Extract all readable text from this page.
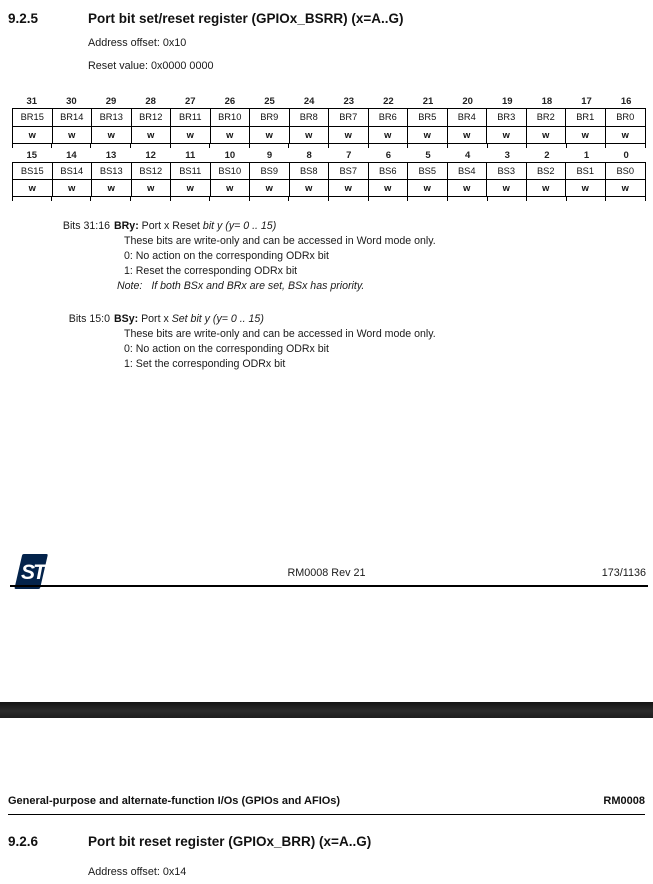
9.2.5	Port bit set/reset register (GPIOx_BSRR) (x=A..G)
Address offset: 0x10
Reset value: 0x0000 0000
31	30	29	28	27	26	25	24	23	22	21	20	19	18	17	16
BR15	BR14	BR13	BR12	BR11	BR10	BR9	BR8	BR7	BR6	BR5	BR4	BR3	BR2	BR1	BR0
w	w	w	w	w	w	w	w	w	w	w	w	w	w	w	w
15	14	13	12	11	10	9	8	7	6	5	4	3	2	1	0
BS15	BS14	BS13	BS12	BS11	BS10	BS9	BS8	BS7	BS6	BS5	BS4	BS3	BS2	BS1	BS0
w	w	w	w	w	w	w	w	w	w	w	w	w	w	w	w
Bits 31:16 BRy: Port x Reset bit y (y= 0 .. 15)
These bits are write-only and can be accessed in Word mode only.
0: No action on the corresponding ODRx bit
1: Reset the corresponding ODRx bit
Note: If both BSx and BRx are set, BSx has priority.
Bits 15:0 BSy: Port x Set bit y (y= 0 .. 15)
These bits are write-only and can be accessed in Word mode only.
0: No action on the corresponding ODRx bit
1: Set the corresponding ODRx bit
ST	RM0008 Rev 21	173/1136
General-purpose and alternate-function I/Os (GPIOs and AFIOs)	RM0008
9.2.6	Port bit reset register (GPIOx_BRR) (x=A..G)
Address offset: 0x14
